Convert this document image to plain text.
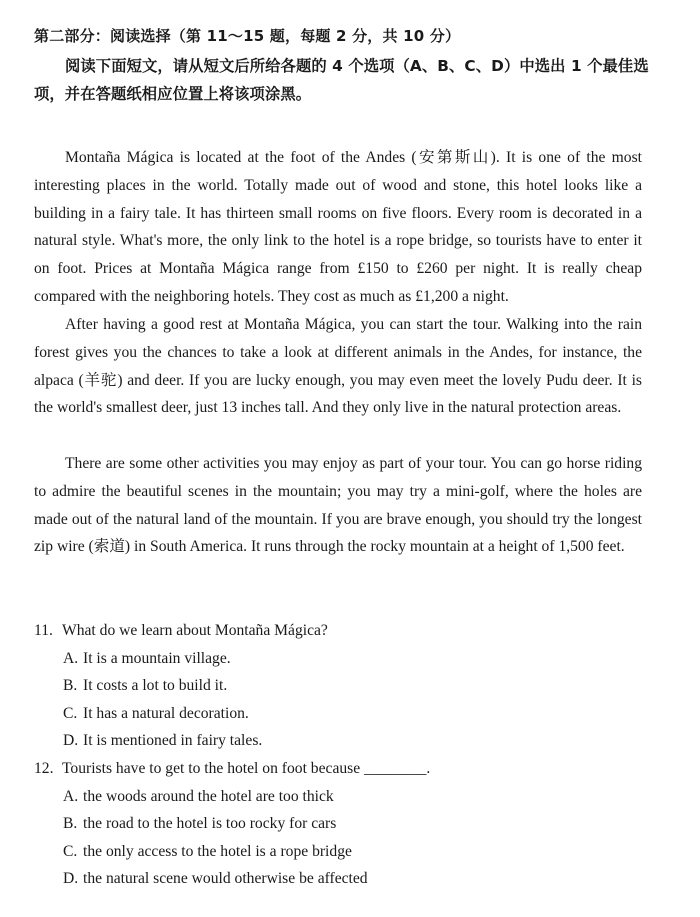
第二部分：阅读选择（第 11～15 题，每题 2 分，共 10 分）
阅读下面短文，请从短文后所给各题的 4 个选项（A、B、C、D）中选出 1 个最佳选项，并在答题纸相应位置上将该项涂黑。

Montaña Mágica is located at the foot of the Andes (安第斯山). It is one of the most interesting places in the world. Totally made out of wood and stone, this hotel looks like a building in a fairy tale. It has thirteen small rooms on five floors. Every room is decorated in a natural style. What's more, the only link to the hotel is a rope bridge, so tourists have to enter it on foot. Prices at Montaña Mágica range from £150 to £260 per night. It is really cheap compared with the neighboring hotels. They cost as much as £1,200 a night.

After having a good rest at Montaña Mágica, you can start the tour. Walking into the rain forest gives you the chances to take a look at different animals in the Andes, for instance, the alpaca (羊驼) and deer. If you are lucky enough, you may even meet the lovely Pudu deer. It is the world's smallest deer, just 13 inches tall. And they only live in the natural protection areas.

There are some other activities you may enjoy as part of your tour. You can go horse riding to admire the beautiful scenes in the mountain; you may try a mini-golf, where the holes are made out of the natural land of the mountain. If you are brave enough, you should try the longest zip wire (索道) in South America. It runs through the rocky mountain at a height of 1,500 feet.

11. What do we learn about Montaña Mágica?
A. It is a mountain village.
B. It costs a lot to build it.
C. It has a natural decoration.
D. It is mentioned in fairy tales.
12. Tourists have to get to the hotel on foot because ________.
A. the woods around the hotel are too thick
B. the road to the hotel is too rocky for cars
C. the only access to the hotel is a rope bridge
D. the natural scene would otherwise be affected
